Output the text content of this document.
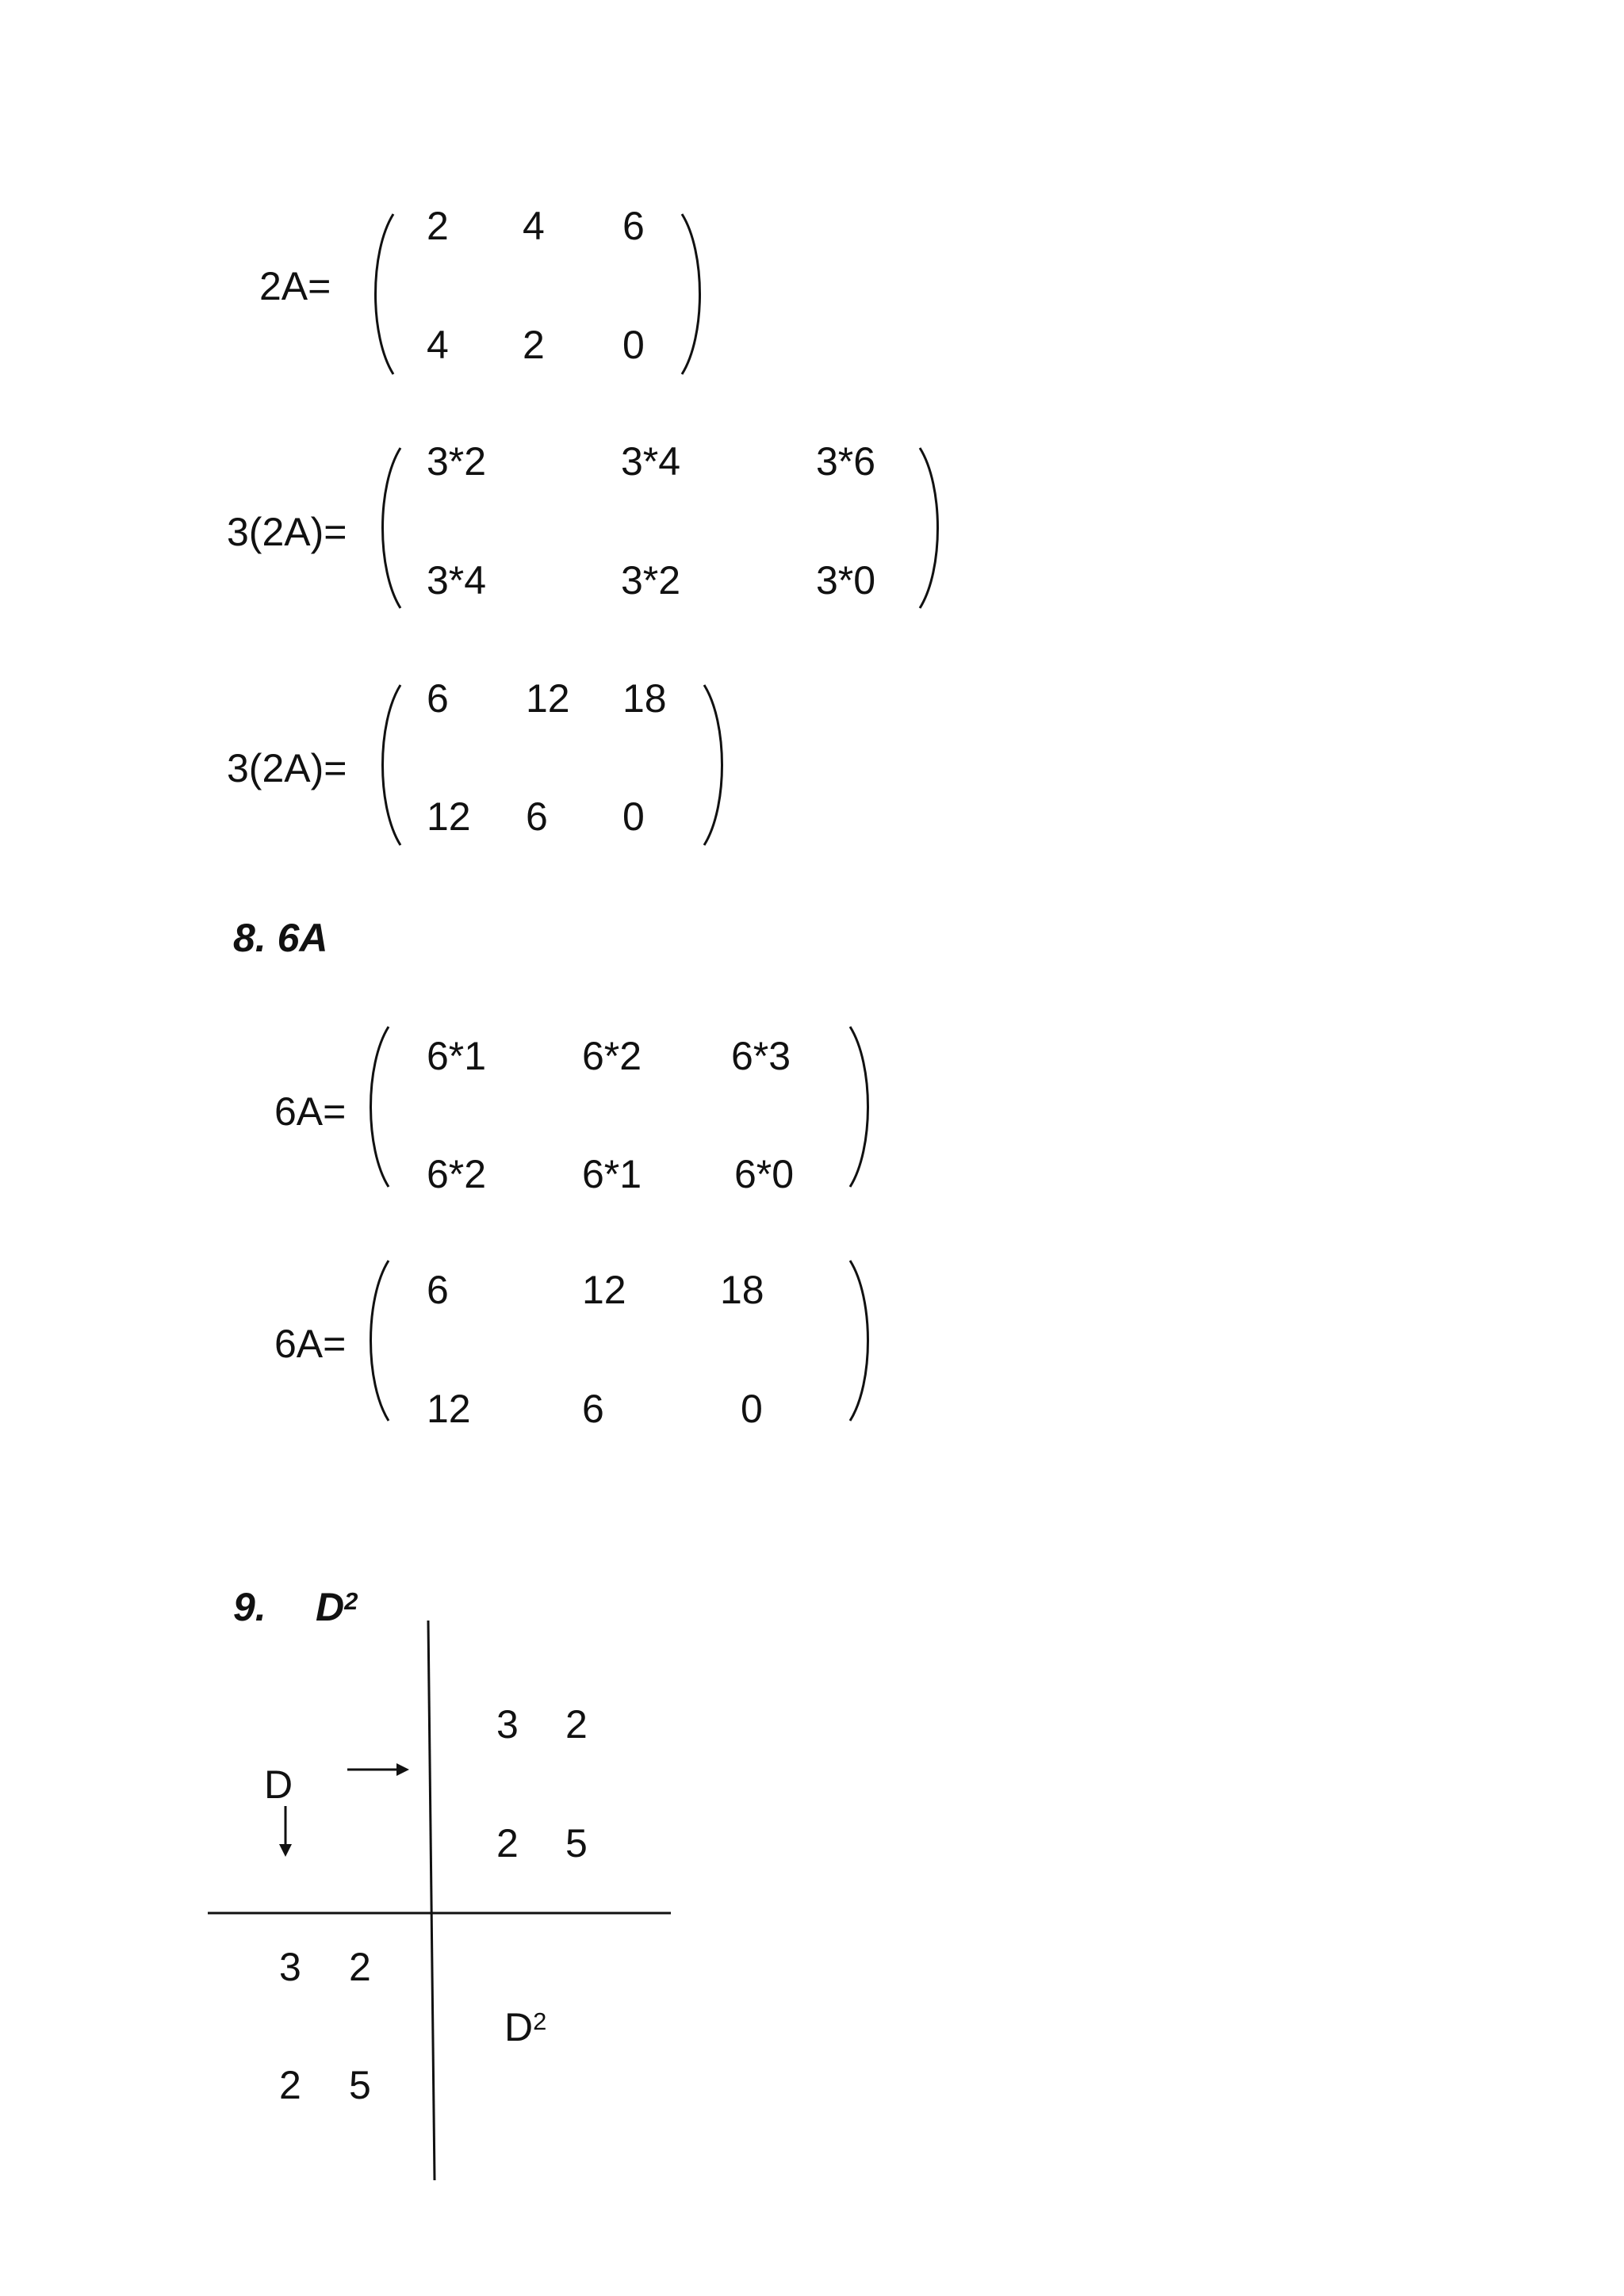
2A=
2 4 6
4 2 0
3(2A)=
3*2	3*4	3*6
3*4	3*2	3*0
3(2A)=
6 12 18
12 6 0
8. 6A
6A=
6*1 6*2 6*3
6*2 6*1 6*0
6A=
6	12 18
12	6	0
9. $D^2$
D
3 2
2 5
3 2
2 5
$D^2$
